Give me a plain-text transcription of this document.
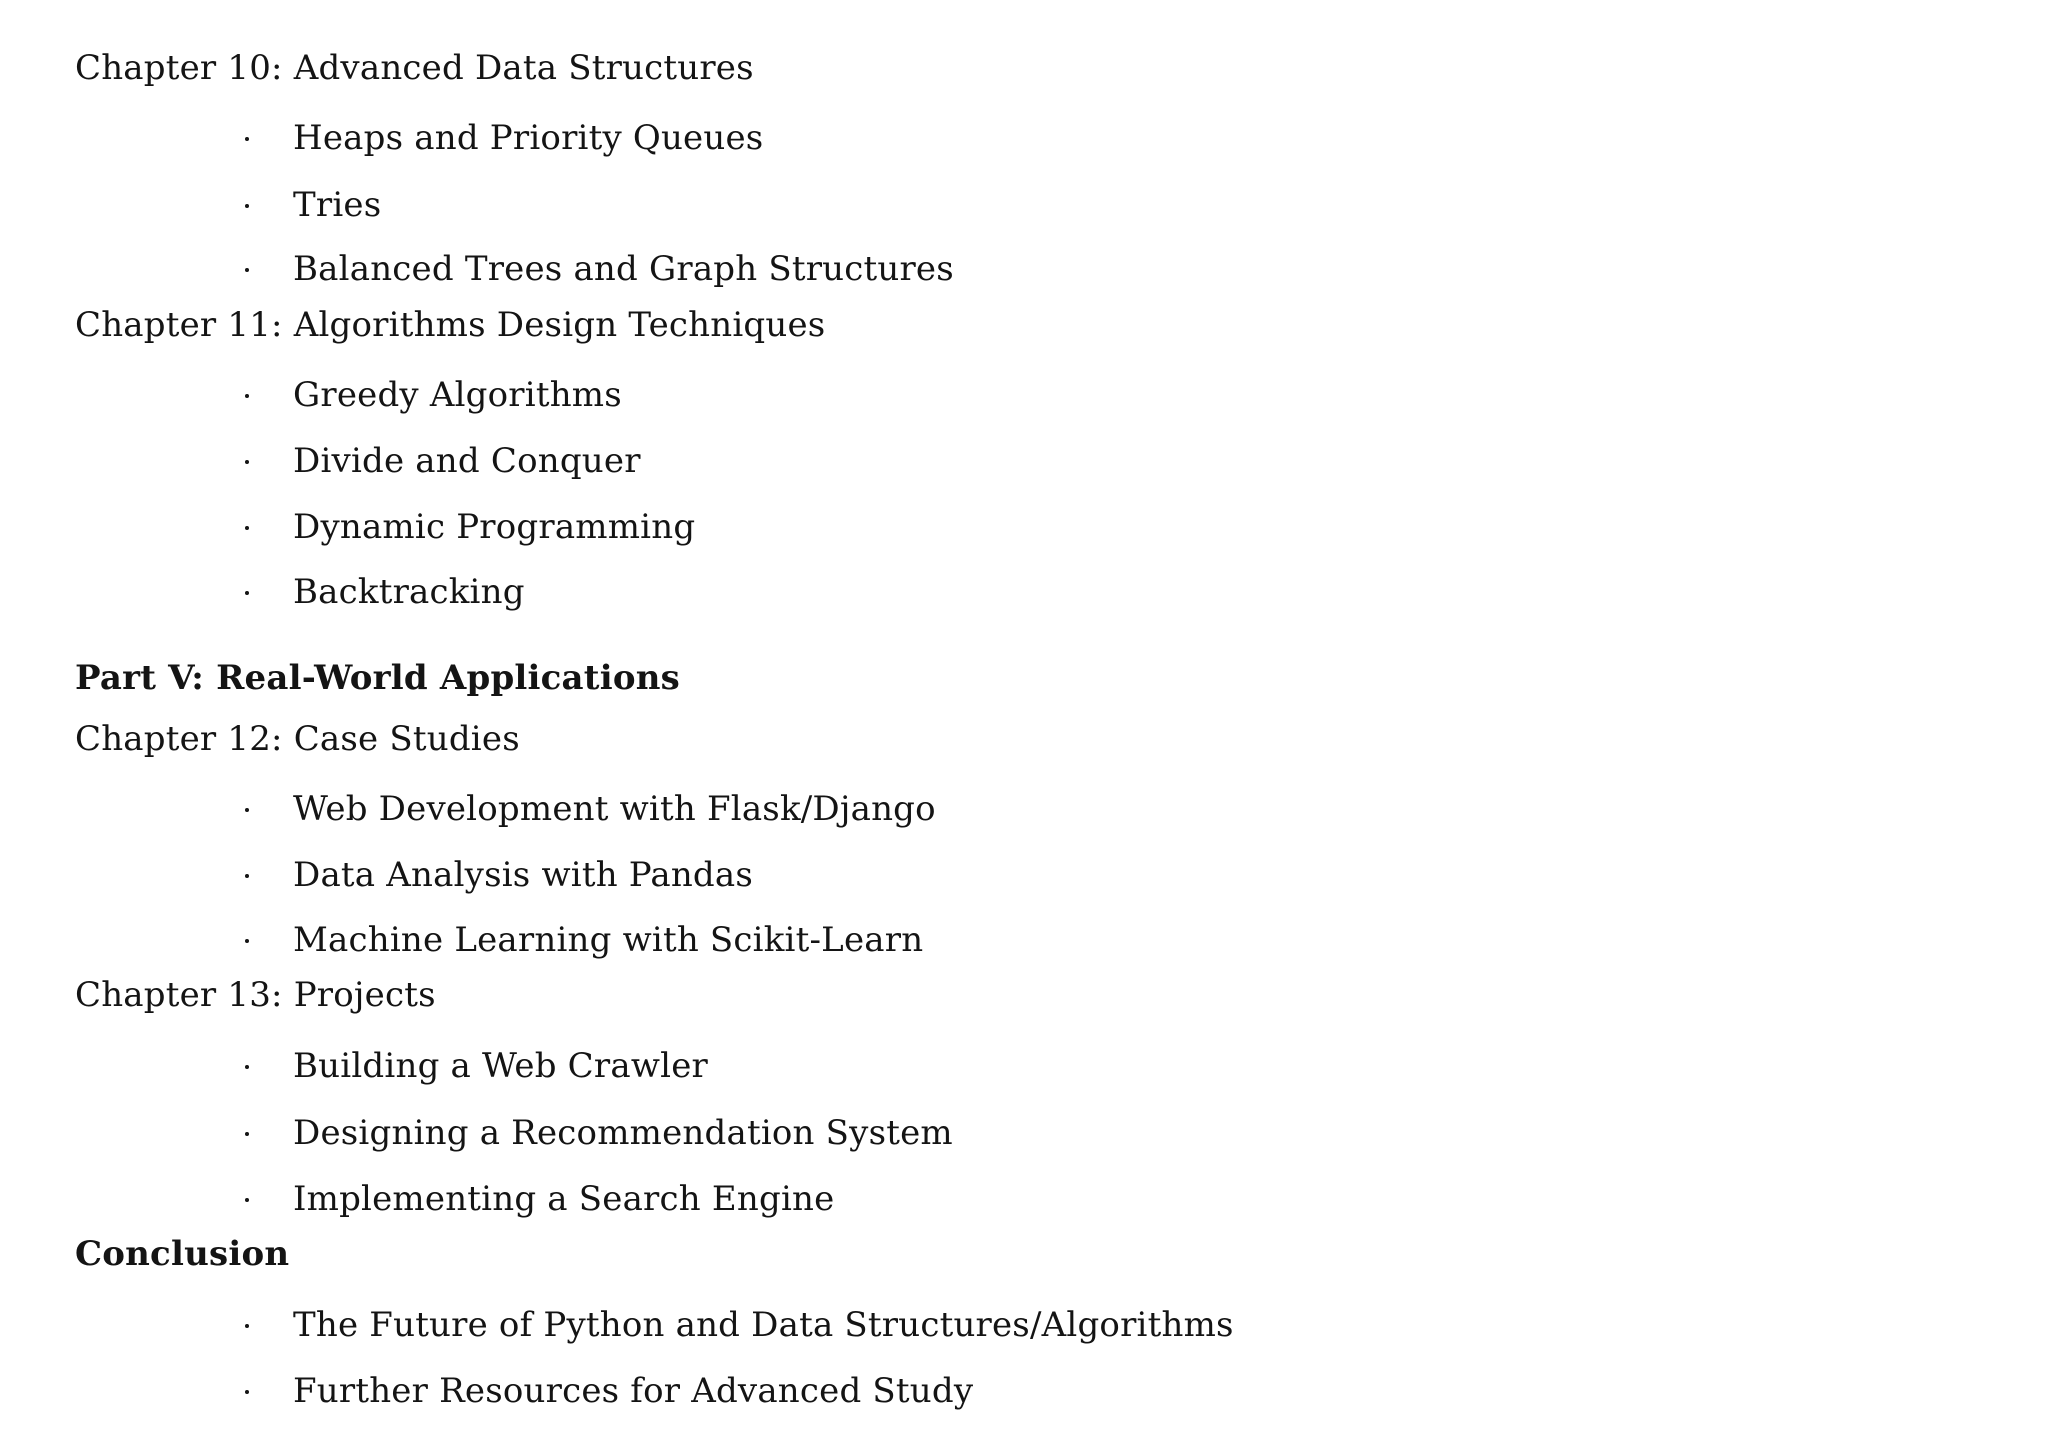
Chapter 10: Advanced Data Structures
Heaps and Priority Queues
Tries
Balanced Trees and Graph Structures
Chapter 11: Algorithms Design Techniques
Greedy Algorithms
Divide and Conquer
Dynamic Programming
Backtracking
Part V: Real-World Applications
Chapter 12: Case Studies
Web Development with Flask/Django
Data Analysis with Pandas
Machine Learning with Scikit-Learn
Chapter 13: Projects
Building a Web Crawler
Designing a Recommendation System
Implementing a Search Engine
Conclusion
The Future of Python and Data Structures/Algorithms
Further Resources for Advanced Study
